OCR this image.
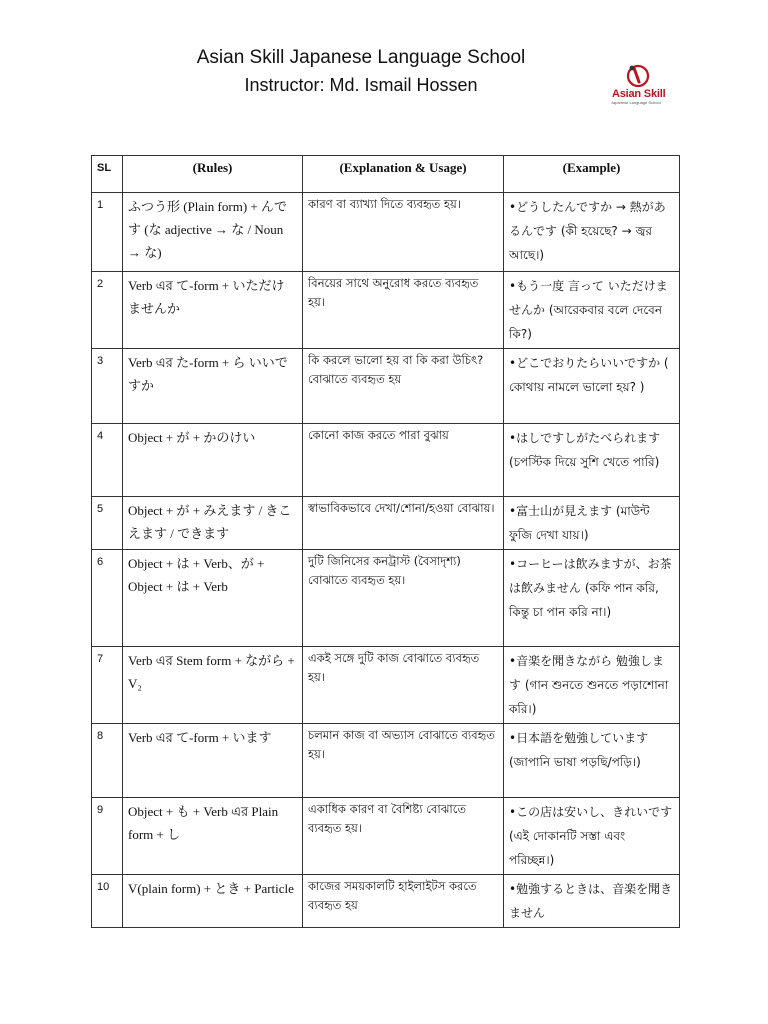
Asian Skill Japanese Language School
Instructor: Md. Ismail Hossen	Asian Skill
Japanese Language School
SL	(Rules)	(Explanation & Usage)	(Example)
1	ふつう形 (Plain form) + んです (な adjective → な / Noun → な)	কারণ বা ব্যাখ্যা দিতে ব্যবহৃত হয়।	•どうしたんですか → 熱があるんです (কী হয়েছে? → জ্বর আছে।)
2	Verb এর て-form + いただけませんか	বিনয়ের সাথে অনুরোধ করতে ব্যবহৃত হয়।	•もう一度 言って いただけませんか (আরেকবার বলে দেবেন কি?)
3	Verb এর た-form + ら いいですか	কি করলে ভালো হয় বা কি করা উচিৎ? বোঝাতে ব্যবহৃত হয়	•どこでおりたらいいですか ( কোথায় নামলে ভালো হয়? )
4	Object + が + かのけい	কোনো কাজ করতে পারা বুঝায়	•はしですしがたべられます (চপস্টিক দিয়ে সুশি খেতে পারি)
5	Object + が + みえます / きこえます / できます	স্বাভাবিকভাবে দেখা/শোনা/হওয়া বোঝায়।	•富士山が見えます (মাউন্ট ফুজি দেখা যায়।)
6	Object + は + Verb、が + Object + は + Verb	দুটি জিনিসের কনট্রাস্ট (বৈসাদৃশ্য) বোঝাতে ব্যবহৃত হয়।	•コーヒーは飲みますが、お茶は飲みません (কফি পান করি, কিন্তু চা পান করি না।)
7	Verb এর Stem form + ながら + V₂	একই সঙ্গে দুটি কাজ বোঝাতে ব্যবহৃত হয়।	•音楽を聞きながら 勉強します (গান শুনতে শুনতে পড়াশোনা করি।)
8	Verb এর て-form + います	চলমান কাজ বা অভ্যাস বোঝাতে ব্যবহৃত হয়।	•日本語を勉強しています (জাপানি ভাষা পড়ছি/পড়ি।)
9	Object + も + Verb এর Plain form + し	একাধিক কারণ বা বৈশিষ্ট্য বোঝাতে ব্যবহৃত হয়।	•この店は安いし、きれいです (এই দোকানটি সস্তা এবং পরিচ্ছন্ন।)
10	V(plain form) + とき + Particle	কাজের সময়কালটি হাইলাইটস করতে ব্যবহৃত হয়	•勉強するときは、音楽を聞きません
